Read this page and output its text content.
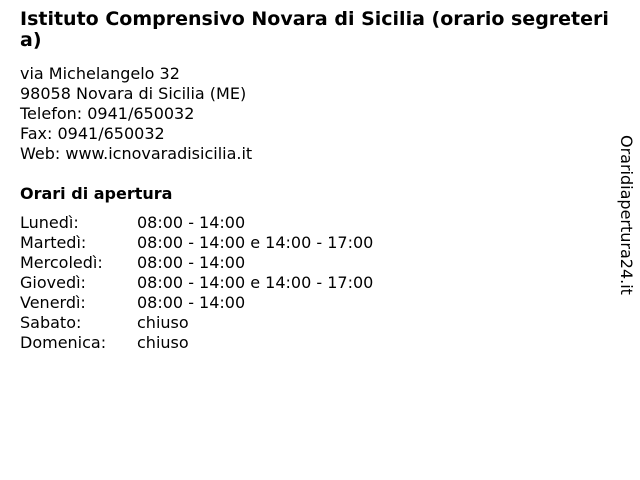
Istituto Comprensivo Novara di Sicilia (orario segreteria)
via Michelangelo 32
98058 Novara di Sicilia (ME)
Telefon: 0941/650032
Fax: 0941/650032
Web: www.icnovaradisicilia.it
Orari di apertura
Lunedì:	08:00 - 14:00
Martedì:	08:00 - 14:00 e 14:00 - 17:00
Mercoledì: 08:00 - 14:00
Giovedì:	08:00 - 14:00 e 14:00 - 17:00
Venerdì:	08:00 - 14:00
Sabato:	chiuso
Domenica: chiuso
Oraridiapertura24.it
